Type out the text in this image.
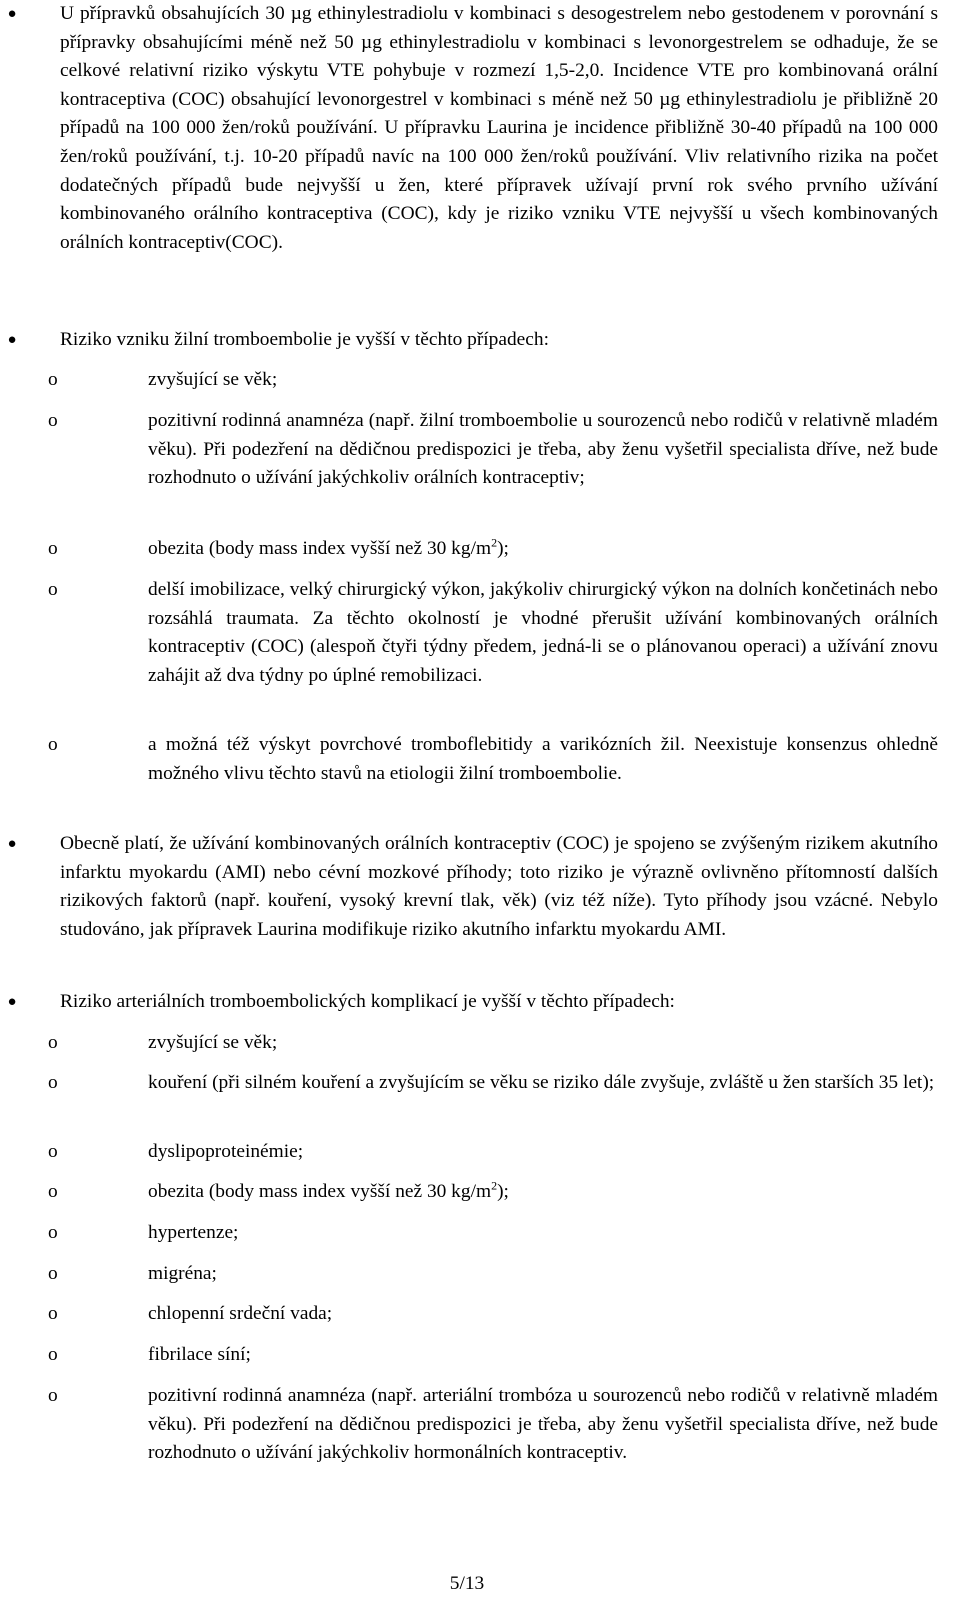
●	U přípravků obsahujících 30 µg ethinylestradiolu v kombinaci s desogestrelem nebo gestodenem v porovnání s přípravky obsahujícími méně než 50 µg ethinylestradiolu v kombinaci s levonorgestrelem se odhaduje, že se celkové relativní riziko výskytu VTE pohybuje v rozmezí 1,5-2,0. Incidence VTE pro kombinovaná orální kontraceptiva (COC) obsahující levonorgestrel v kombinaci s méně než 50 µg ethinylestradiolu je přibližně 20 případů na 100 000 žen/roků používání. U přípravku Laurina je incidence přibližně 30-40 případů na 100 000 žen/roků používání, t.j. 10-20 případů navíc na 100 000 žen/roků používání. Vliv relativního rizika na počet dodatečných případů bude nejvyšší u žen, které přípravek užívají první rok svého prvního užívání kombinovaného orálního kontraceptiva (COC), kdy je riziko vzniku VTE nejvyšší u všech kombinovaných orálních kontraceptiv(COC).
●	Riziko vzniku žilní tromboembolie je vyšší v těchto případech:
o	zvyšující se věk;
o	pozitivní rodinná anamnéza (např. žilní tromboembolie u sourozenců nebo rodičů v relativně mladém věku). Při podezření na dědičnou predispozici je třeba, aby ženu vyšetřil specialista dříve, než bude rozhodnuto o užívání jakýchkoliv orálních kontraceptiv;
o	obezita (body mass index vyšší než 30 $kg/m^2$);
o	delší imobilizace, velký chirurgický výkon, jakýkoliv chirurgický výkon na dolních končetinách nebo rozsáhlá traumata. Za těchto okolností je vhodné přerušit užívání kombinovaných orálních kontraceptiv (COC) (alespoň čtyři týdny předem, jedná-li se o plánovanou operaci) a užívání znovu zahájit až dva týdny po úplné remobilizaci.
o	a možná též výskyt povrchové tromboflebitidy a varikózních žil. Neexistuje konsenzus ohledně možného vlivu těchto stavů na etiologii žilní tromboembolie.
●	Obecně platí, že užívání kombinovaných orálních kontraceptiv (COC) je spojeno se zvýšeným rizikem akutního infarktu myokardu (AMI) nebo cévní mozkové příhody; toto riziko je výrazně ovlivněno přítomností dalších rizikových faktorů (např. kouření, vysoký krevní tlak, věk) (viz též níže). Tyto příhody jsou vzácné. Nebylo studováno, jak přípravek Laurina modifikuje riziko akutního infarktu myokardu AMI.
●	Riziko arteriálních tromboembolických komplikací je vyšší v těchto případech:
o	zvyšující se věk;
o	kouření (při silném kouření a zvyšujícím se věku se riziko dále zvyšuje, zvláště u žen starších 35 let);
o	dyslipoproteinémie;
o	obezita (body mass index vyšší než 30 $kg/m^2$);
o	hypertenze;
o	migréna;
o	chlopenní srdeční vada;
o	fibrilace síní;
o	pozitivní rodinná anamnéza (např. arteriální trombóza u sourozenců nebo rodičů v relativně mladém věku). Při podezření na dědičnou predispozici je třeba, aby ženu vyšetřil specialista dříve, než bude rozhodnuto o užívání jakýchkoliv hormonálních kontraceptiv.
5/13
